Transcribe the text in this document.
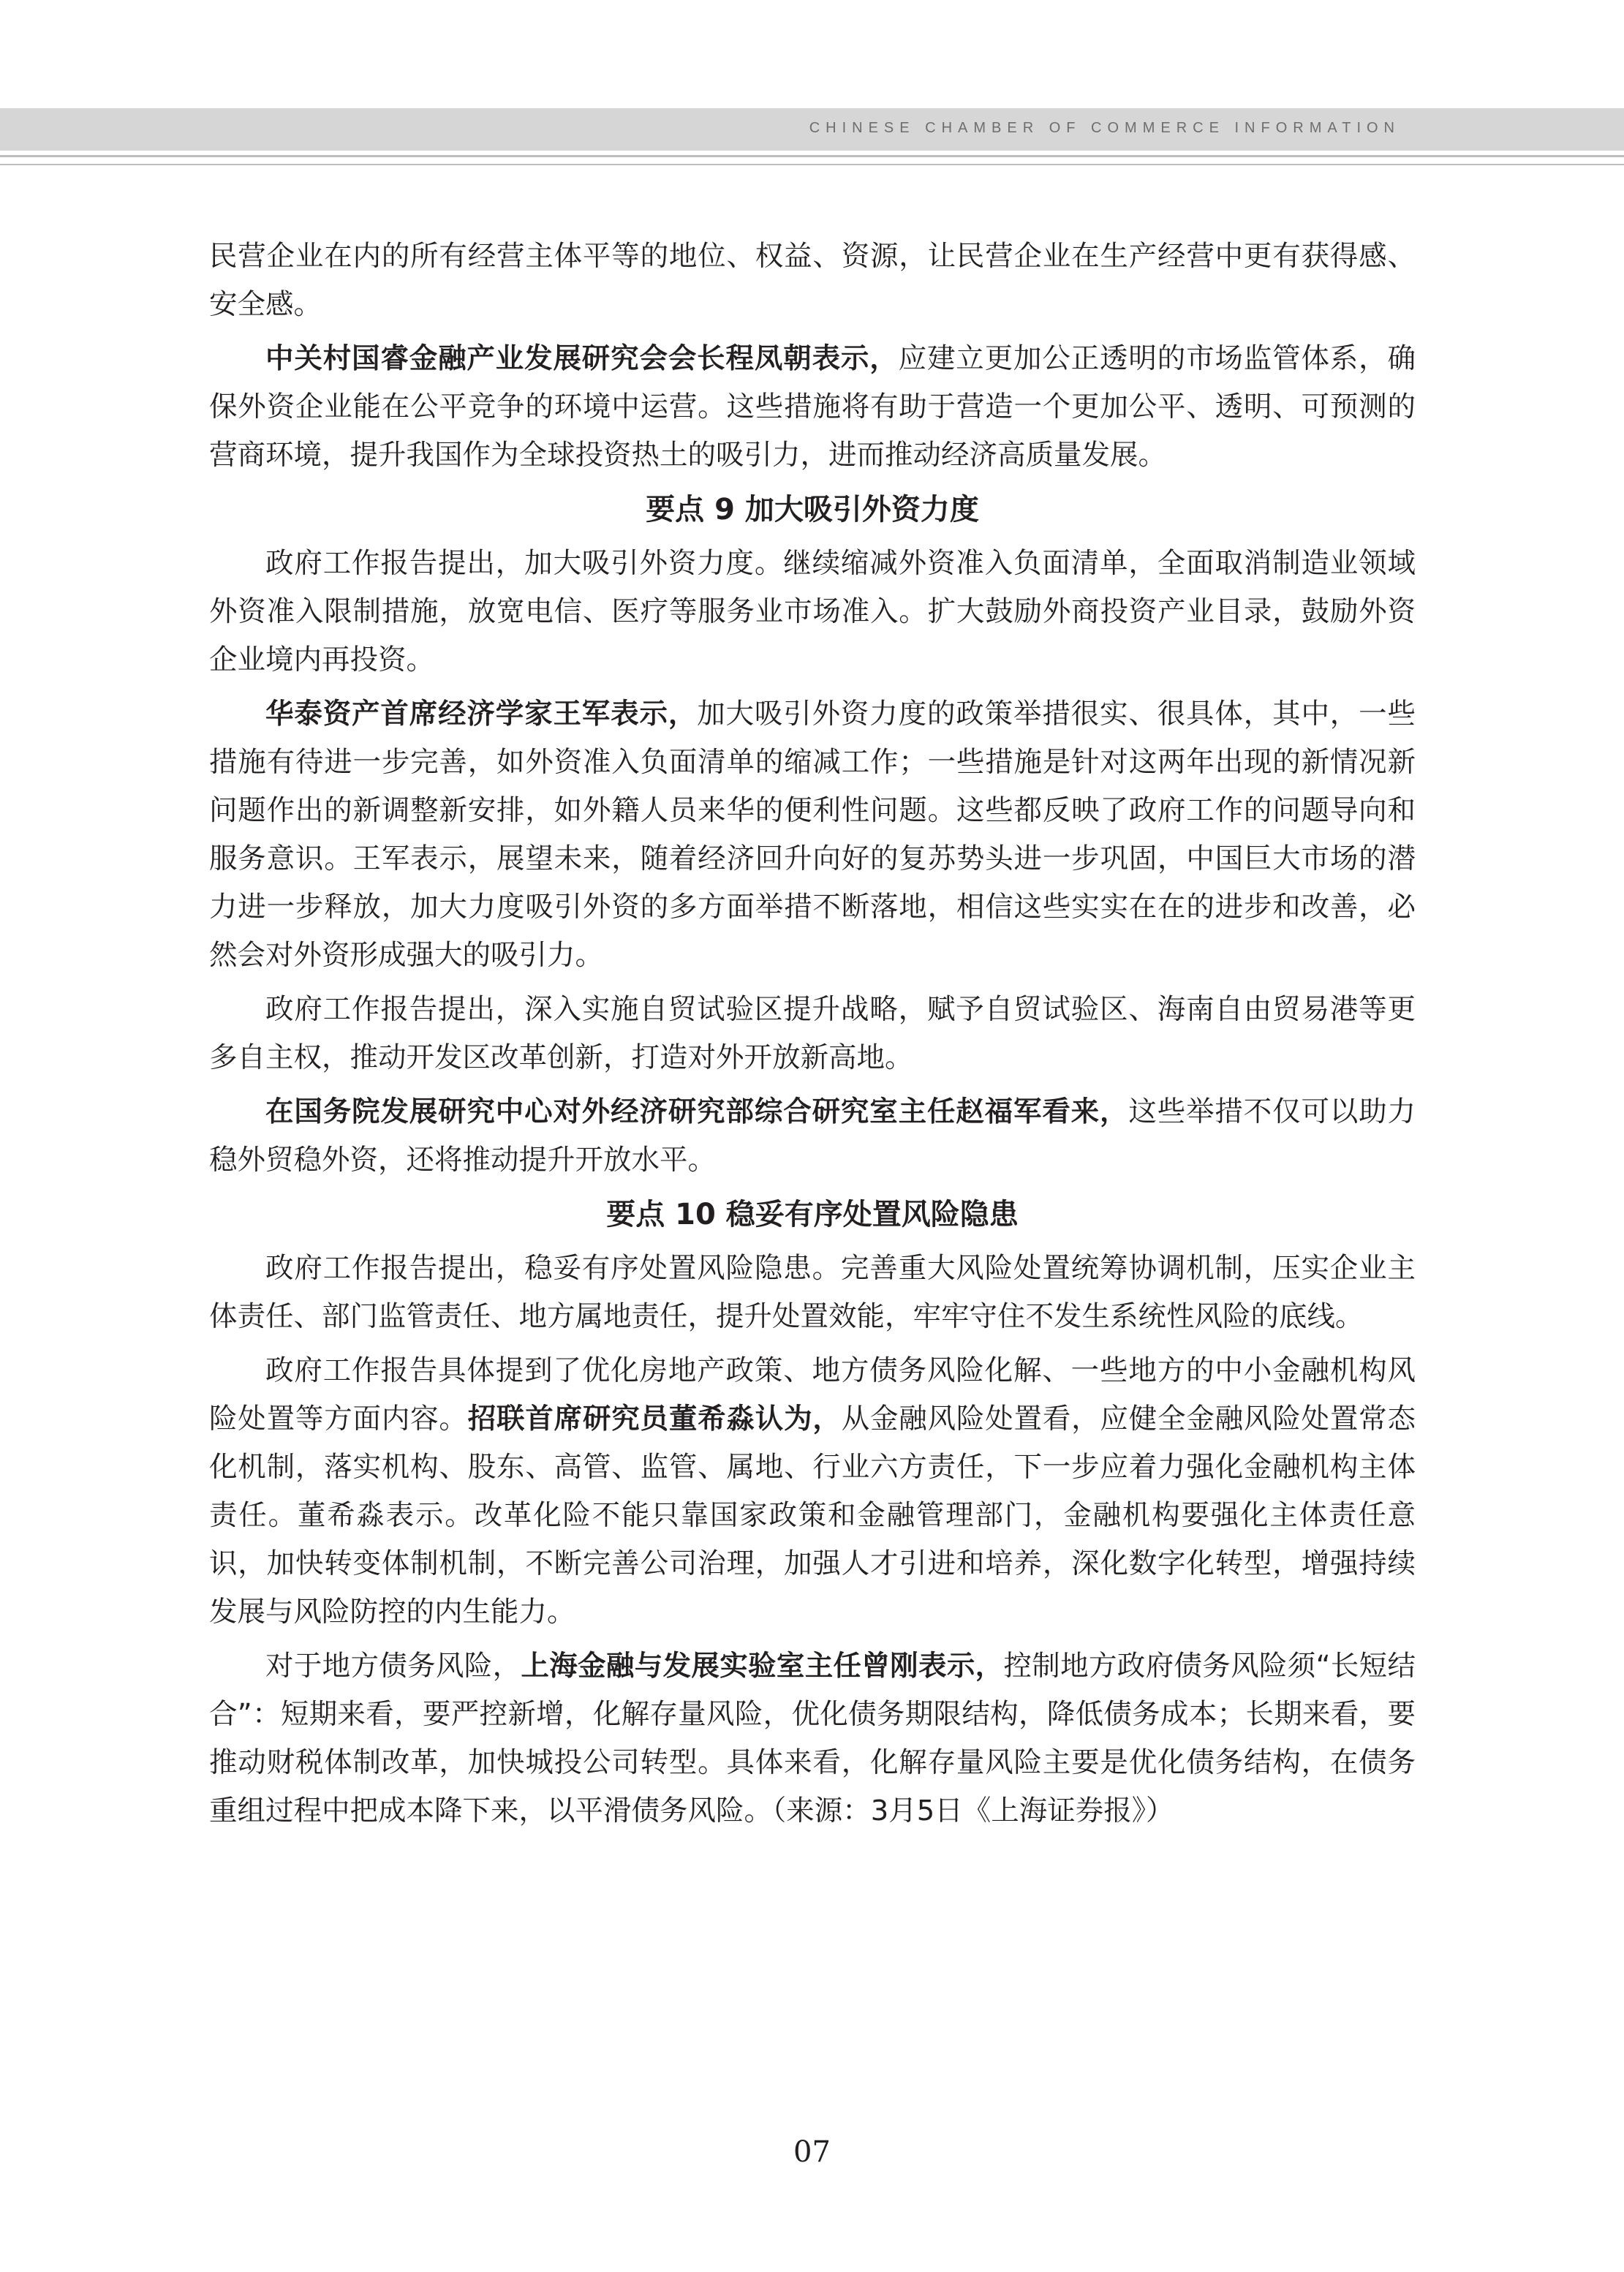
CHINESE CHAMBER OF COMMERCE INFORMATION

民营企业在内的所有经营主体平等的地位、权益、资源，让民营企业在生产经营中更有获得感、安全感。

中关村国睿金融产业发展研究会会长程凤朝表示，应建立更加公正透明的市场监管体系，确保外资企业能在公平竞争的环境中运营。这些措施将有助于营造一个更加公平、透明、可预测的营商环境，提升我国作为全球投资热土的吸引力，进而推动经济高质量发展。

要点 9 加大吸引外资力度

政府工作报告提出，加大吸引外资力度。继续缩减外资准入负面清单，全面取消制造业领域外资准入限制措施，放宽电信、医疗等服务业市场准入。扩大鼓励外商投资产业目录，鼓励外资企业境内再投资。

华泰资产首席经济学家王军表示，加大吸引外资力度的政策举措很实、很具体，其中，一些措施有待进一步完善，如外资准入负面清单的缩减工作；一些措施是针对这两年出现的新情况新问题作出的新调整新安排，如外籍人员来华的便利性问题。这些都反映了政府工作的问题导向和服务意识。王军表示，展望未来，随着经济回升向好的复苏势头进一步巩固，中国巨大市场的潜力进一步释放，加大力度吸引外资的多方面举措不断落地，相信这些实实在在的进步和改善，必然会对外资形成强大的吸引力。

政府工作报告提出，深入实施自贸试验区提升战略，赋予自贸试验区、海南自由贸易港等更多自主权，推动开发区改革创新，打造对外开放新高地。

在国务院发展研究中心对外经济研究部综合研究室主任赵福军看来，这些举措不仅可以助力稳外贸稳外资，还将推动提升开放水平。

要点 10 稳妥有序处置风险隐患

政府工作报告提出，稳妥有序处置风险隐患。完善重大风险处置统筹协调机制，压实企业主体责任、部门监管责任、地方属地责任，提升处置效能，牢牢守住不发生系统性风险的底线。

政府工作报告具体提到了优化房地产政策、地方债务风险化解、一些地方的中小金融机构风险处置等方面内容。招联首席研究员董希淼认为，从金融风险处置看，应健全金融风险处置常态化机制，落实机构、股东、高管、监管、属地、行业六方责任，下一步应着力强化金融机构主体责任。董希淼表示。改革化险不能只靠国家政策和金融管理部门，金融机构要强化主体责任意识，加快转变体制机制，不断完善公司治理，加强人才引进和培养，深化数字化转型，增强持续发展与风险防控的内生能力。

对于地方债务风险，上海金融与发展实验室主任曾刚表示，控制地方政府债务风险须“长短结合”：短期来看，要严控新增，化解存量风险，优化债务期限结构，降低债务成本；长期来看，要推动财税体制改革，加快城投公司转型。具体来看，化解存量风险主要是优化债务结构，在债务重组过程中把成本降下来，以平滑债务风险。（来源：3月5日《上海证券报》）

07
